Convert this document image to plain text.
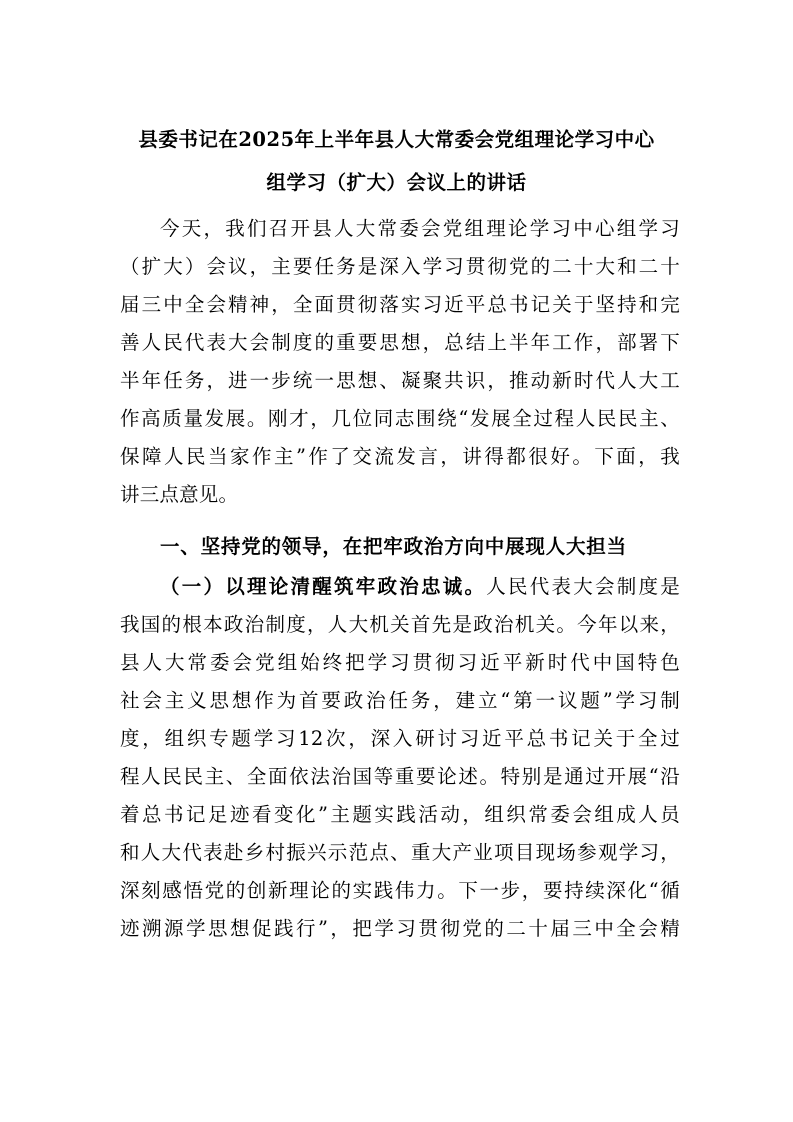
县委书记在2025年上半年县人大常委会党组理论学习中心
组学习（扩大）会议上的讲话
今天，我们召开县人大常委会党组理论学习中心组学习
（扩大）会议，主要任务是深入学习贯彻党的二十大和二十
届三中全会精神，全面贯彻落实习近平总书记关于坚持和完
善人民代表大会制度的重要思想，总结上半年工作，部署下
半年任务，进一步统一思想、凝聚共识，推动新时代人大工
作高质量发展。刚才，几位同志围绕“发展全过程人民民主、
保障人民当家作主”作了交流发言，讲得都很好。下面，我
讲三点意见。
一、坚持党的领导，在把牢政治方向中展现人大担当
（一）以理论清醒筑牢政治忠诚。人民代表大会制度是
我国的根本政治制度，人大机关首先是政治机关。今年以来，
县人大常委会党组始终把学习贯彻习近平新时代中国特色
社会主义思想作为首要政治任务，建立“第一议题”学习制
度，组织专题学习12次，深入研讨习近平总书记关于全过
程人民民主、全面依法治国等重要论述。特别是通过开展“沿
着总书记足迹看变化”主题实践活动，组织常委会组成人员
和人大代表赴乡村振兴示范点、重大产业项目现场参观学习，
深刻感悟党的创新理论的实践伟力。下一步，要持续深化“循
迹溯源学思想促践行”，把学习贯彻党的二十届三中全会精
